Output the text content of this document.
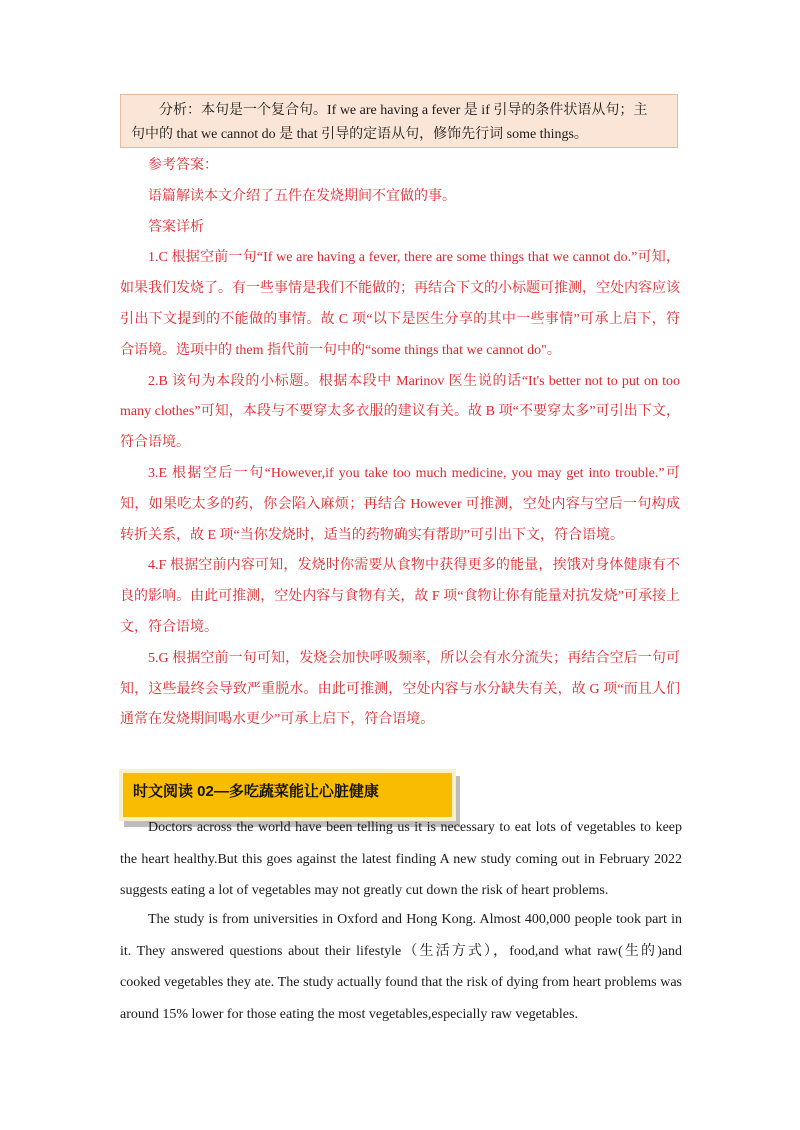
分析：本句是一个复合句。If we are having a fever 是 if 引导的条件状语从句；主

句中的 that we cannot do 是 that 引导的定语从句，修饰先行词 some things。

参考答案：

语篇解读本文介绍了五件在发烧期间不宜做的事。

答案详析

1.C 根据空前一句“If we are having a fever, there are some things that we cannot do.”可知，如果我们发烧了。有一些事情是我们不能做的；再结合下文的小标题可推测，空处内容应该引出下文提到的不能做的事情。故 C 项“以下是医生分享的其中一些事情”可承上启下，符合语境。选项中的 them 指代前一句中的“some things that we cannot do"。

2.B 该句为本段的小标题。根据本段中 Marinov 医生说的话“It's better not to put on too many clothes”可知，本段与不要穿太多衣服的建议有关。故 B 项“不要穿太多”可引出下文，符合语境。

3.E 根据空后一句“However,if you take too much medicine, you may get into trouble.”可知，如果吃太多的药，你会陷入麻烦；再结合 However 可推测，空处内容与空后一句构成转折关系，故 E 项“当你发烧时，适当的药物确实有帮助”可引出下文，符合语境。

4.F 根据空前内容可知，发烧时你需要从食物中获得更多的能量，挨饿对身体健康有不良的影响。由此可推测，空处内容与食物有关，故 F 项“食物让你有能量对抗发烧”可承接上文，符合语境。

5.G 根据空前一句可知，发烧会加快呼吸频率，所以会有水分流失；再结合空后一句可知，这些最终会导致严重脱水。由此可推测，空处内容与水分缺失有关，故 G 项“而且人们通常在发烧期间喝水更少”可承上启下，符合语境。

时文阅读 02—多吃蔬菜能让心脏健康

Doctors across the world have been telling us it is necessary to eat lots of vegetables to keep the heart healthy.But this goes against the latest finding A new study coming out in February 2022 suggests eating a lot of vegetables may not greatly cut down the risk of heart problems.

The study is from universities in Oxford and Hong Kong. Almost 400,000 people took part in it. They answered questions about their lifestyle（生活方式），food,and what raw(生的)and cooked vegetables they ate. The study actually found that the risk of dying from heart problems was around 15% lower for those eating the most vegetables,especially raw vegetables.
